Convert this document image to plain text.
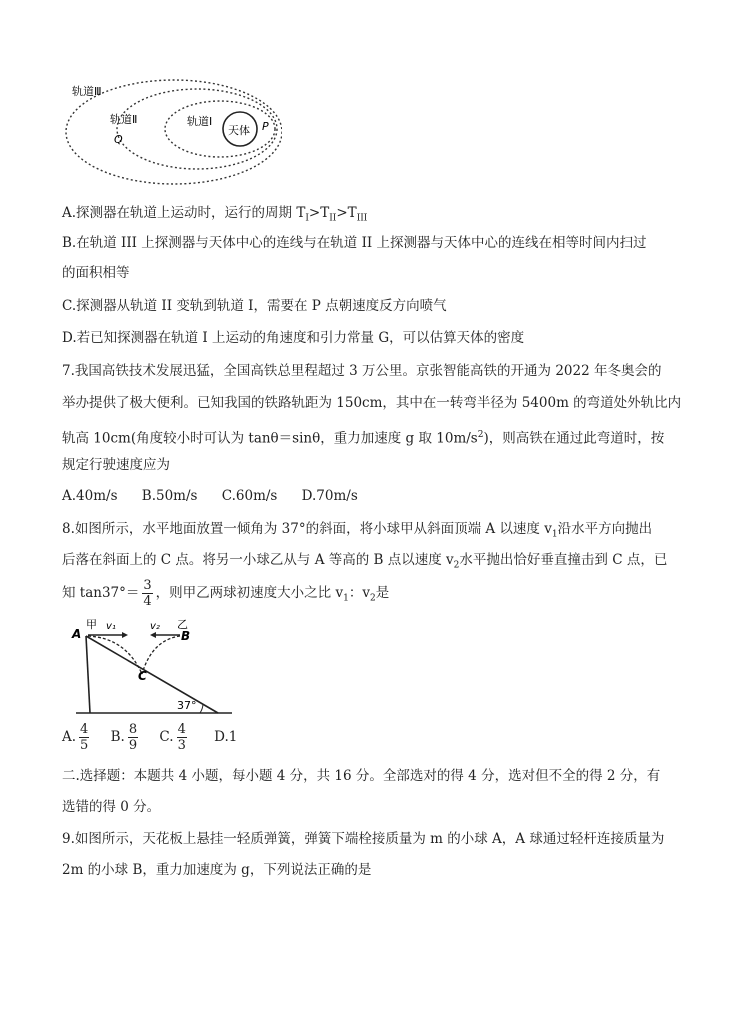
轨道Ⅲ
轨道Ⅱ	轨道Ⅰ
天体 P
Q
A.探测器在轨道上运动时，运行的周期 $T_I>T_{II}>T_{III}$
B.在轨道 III 上探测器与天体中心的连线与在轨道 II 上探测器与天体中心的连线在相等时间内扫过
的面积相等
C.探测器从轨道 II 变轨到轨道 I，需要在 P 点朝速度反方向喷气
D.若已知探测器在轨道 I 上运动的角速度和引力常量 G，可以估算天体的密度
7.我国高铁技术发展迅猛，全国高铁总里程超过 3 万公里。京张智能高铁的开通为 2022 年冬奥会的
举办提供了极大便利。已知我国的铁路轨距为 150cm，其中在一转弯半径为 5400m 的弯道处外轨比内
轨高 10cm(角度较小时可认为 tanθ＝sinθ，重力加速度 g 取 $10m/s^2$)，则高铁在通过此弯道时，按
规定行驶速度应为
A.40m/s B.50m/s C.60m/s D.70m/s
8.如图所示，水平地面放置一倾角为 37°的斜面，将小球甲从斜面顶端 A 以速度 $v_1$沿水平方向抛出
后落在斜面上的 C 点。将另一小球乙从与 A 等高的 B 点以速度 $v_2$水平抛出恰好垂直撞击到 C 点，已
知 $\tan 37^\circ= \frac{3}{4}$ ，则甲乙两球初速度大小之比 $v_1$：$v_2$是
A
甲 v₁	v₂ 乙
B
C
37°
A. $\frac{4}{5} B$. $\frac{8}{9} C$. $\frac{4}{3} D.1$
二.选择题：本题共 4 小题，每小题 4 分，共 16 分。全部选对的得 4 分，选对但不全的得 2 分，有
选错的得 0 分。
9.如图所示，天花板上悬挂一轻质弹簧，弹簧下端栓接质量为 m 的小球 A，A 球通过轻杆连接质量为
2m 的小球 B，重力加速度为 g，下列说法正确的是
